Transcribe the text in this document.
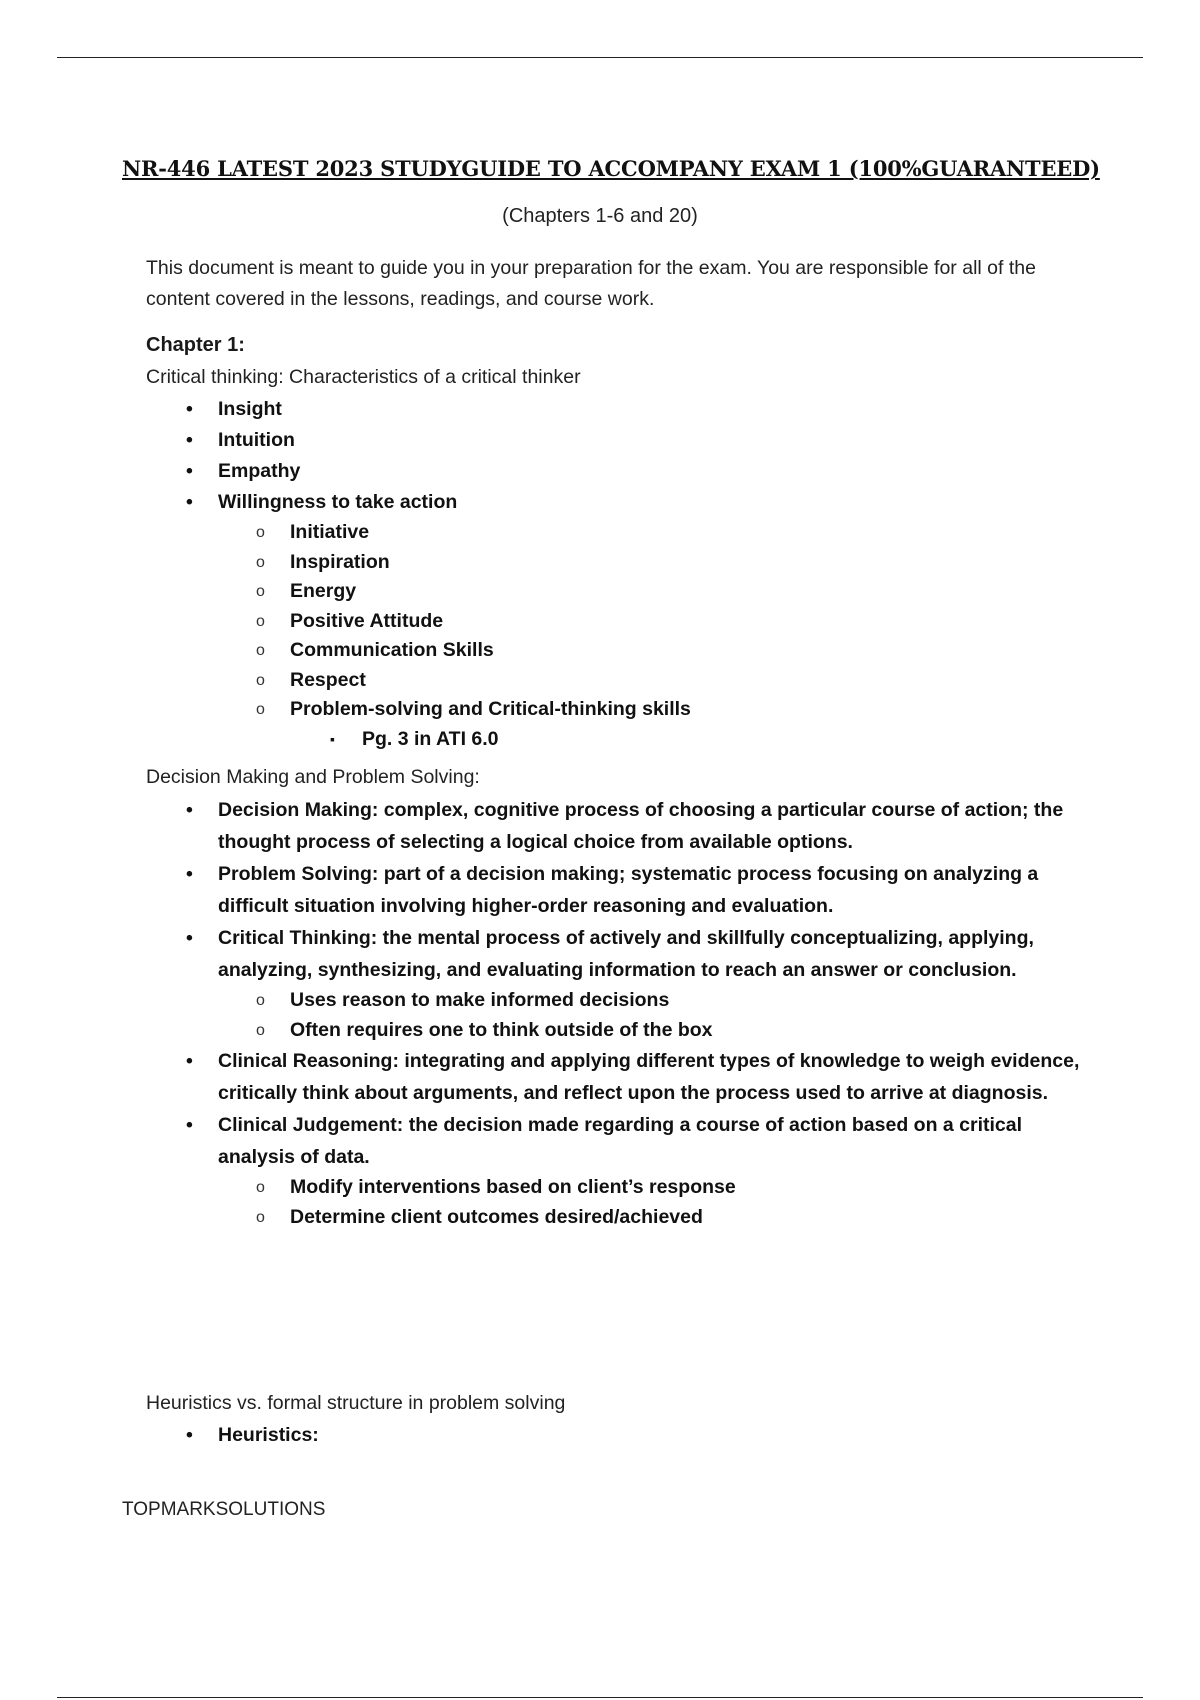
NR-446 LATEST 2023 STUDYGUIDE TO ACCOMPANY EXAM 1 (100%GUARANTEED)
(Chapters 1-6 and 20)
This document is meant to guide you in your preparation for the exam. You are responsible for all of the content covered in the lessons, readings, and course work.
Chapter 1:
Critical thinking: Characteristics of a critical thinker
• Insight
• Intuition
• Empathy
• Willingness to take action
o Initiative
o Inspiration
o Energy
o Positive Attitude
o Communication Skills
o Respect
o Problem-solving and Critical-thinking skills
▪ Pg. 3 in ATI 6.0
Decision Making and Problem Solving:
• Decision Making: complex, cognitive process of choosing a particular course of action; the thought process of selecting a logical choice from available options.
• Problem Solving: part of a decision making; systematic process focusing on analyzing a difficult situation involving higher-order reasoning and evaluation.
• Critical Thinking: the mental process of actively and skillfully conceptualizing, applying, analyzing, synthesizing, and evaluating information to reach an answer or conclusion.
o Uses reason to make informed decisions
o Often requires one to think outside of the box
• Clinical Reasoning: integrating and applying different types of knowledge to weigh evidence, critically think about arguments, and reflect upon the process used to arrive at diagnosis.
• Clinical Judgement: the decision made regarding a course of action based on a critical analysis of data.
o Modify interventions based on client’s response
o Determine client outcomes desired/achieved
Heuristics vs. formal structure in problem solving
• Heuristics:
TOPMARKSOLUTIONS
